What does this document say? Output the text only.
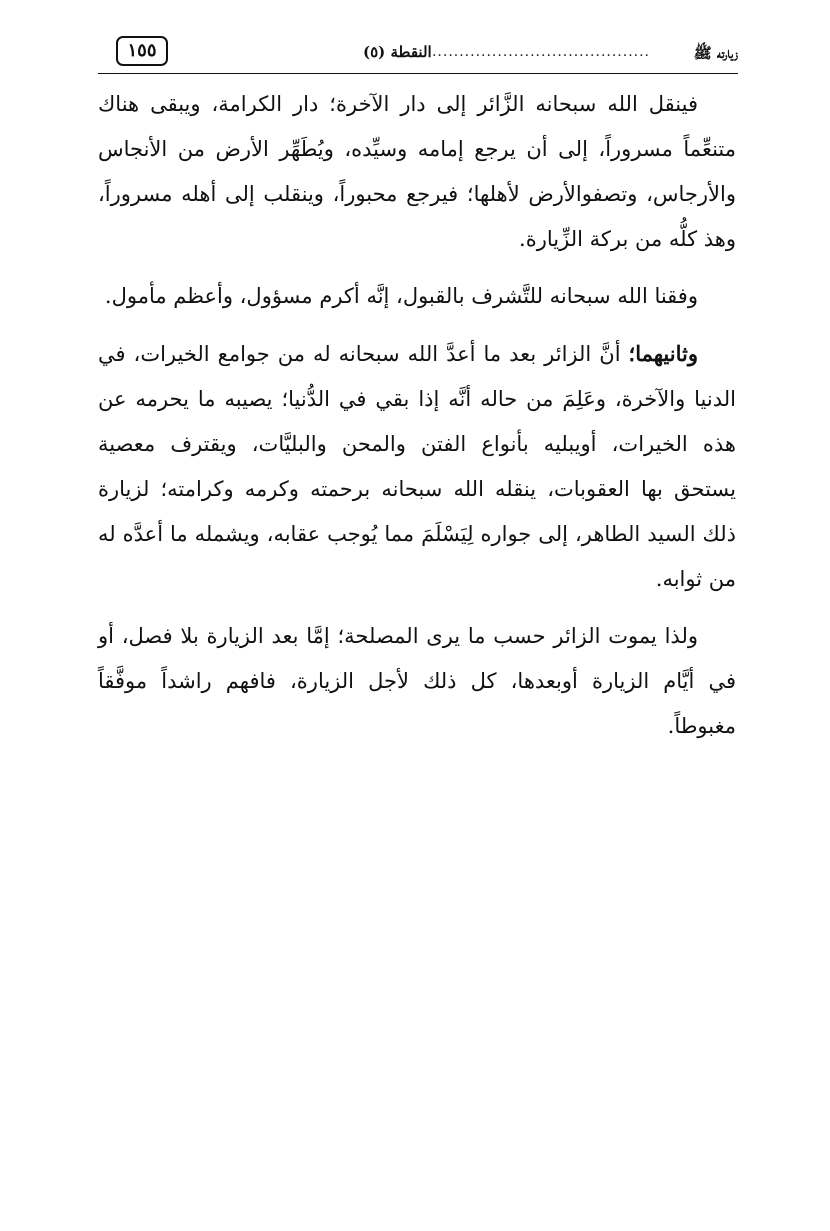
زيارته ﷺ
........................................
النقطة (٥)
١٥٥

فينقل الله سبحانه الزَّائر إلى دار الآخرة؛ دار الكرامة، ويبقى هناك متنعِّماً مسروراً، إلى أن يرجع إمامه وسيِّده، ويُطَهِّر الأرض من الأنجاس والأرجاس، وتصفوالأرض لأهلها؛ فيرجع محبوراً، وينقلب إلى أهله مسروراً، وهذ كلُّه من بركة الزِّيارة.

وفقنا الله سبحانه للتَّشرف بالقبول، إنَّه أكرم مسؤول، وأعظم مأمول.

وثانيهما؛ أنَّ الزائر بعد ما أعدَّ الله سبحانه له من جوامع الخيرات، في الدنيا والآخرة، وعَلِمَ من حاله أنَّه إذا بقي في الدُّنيا؛ يصيبه ما يحرمه عن هذه الخيرات، أويبليه بأنواع الفتن والمحن والبليَّات، ويقترف معصية يستحق بها العقوبات، ينقله الله سبحانه برحمته وكرمه وكرامته؛ لزيارة ذلك السيد الطاهر، إلى جواره لِيَسْلَمَ مما يُوجب عقابه، ويشمله ما أعدَّه له من ثوابه.

ولذا يموت الزائر حسب ما يرى المصلحة؛ إمَّا بعد الزيارة بلا فصل، أو في أيَّام الزيارة أوبعدها، كل ذلك لأجل الزيارة، فافهم راشداً موفَّقاً مغبوطاً.
